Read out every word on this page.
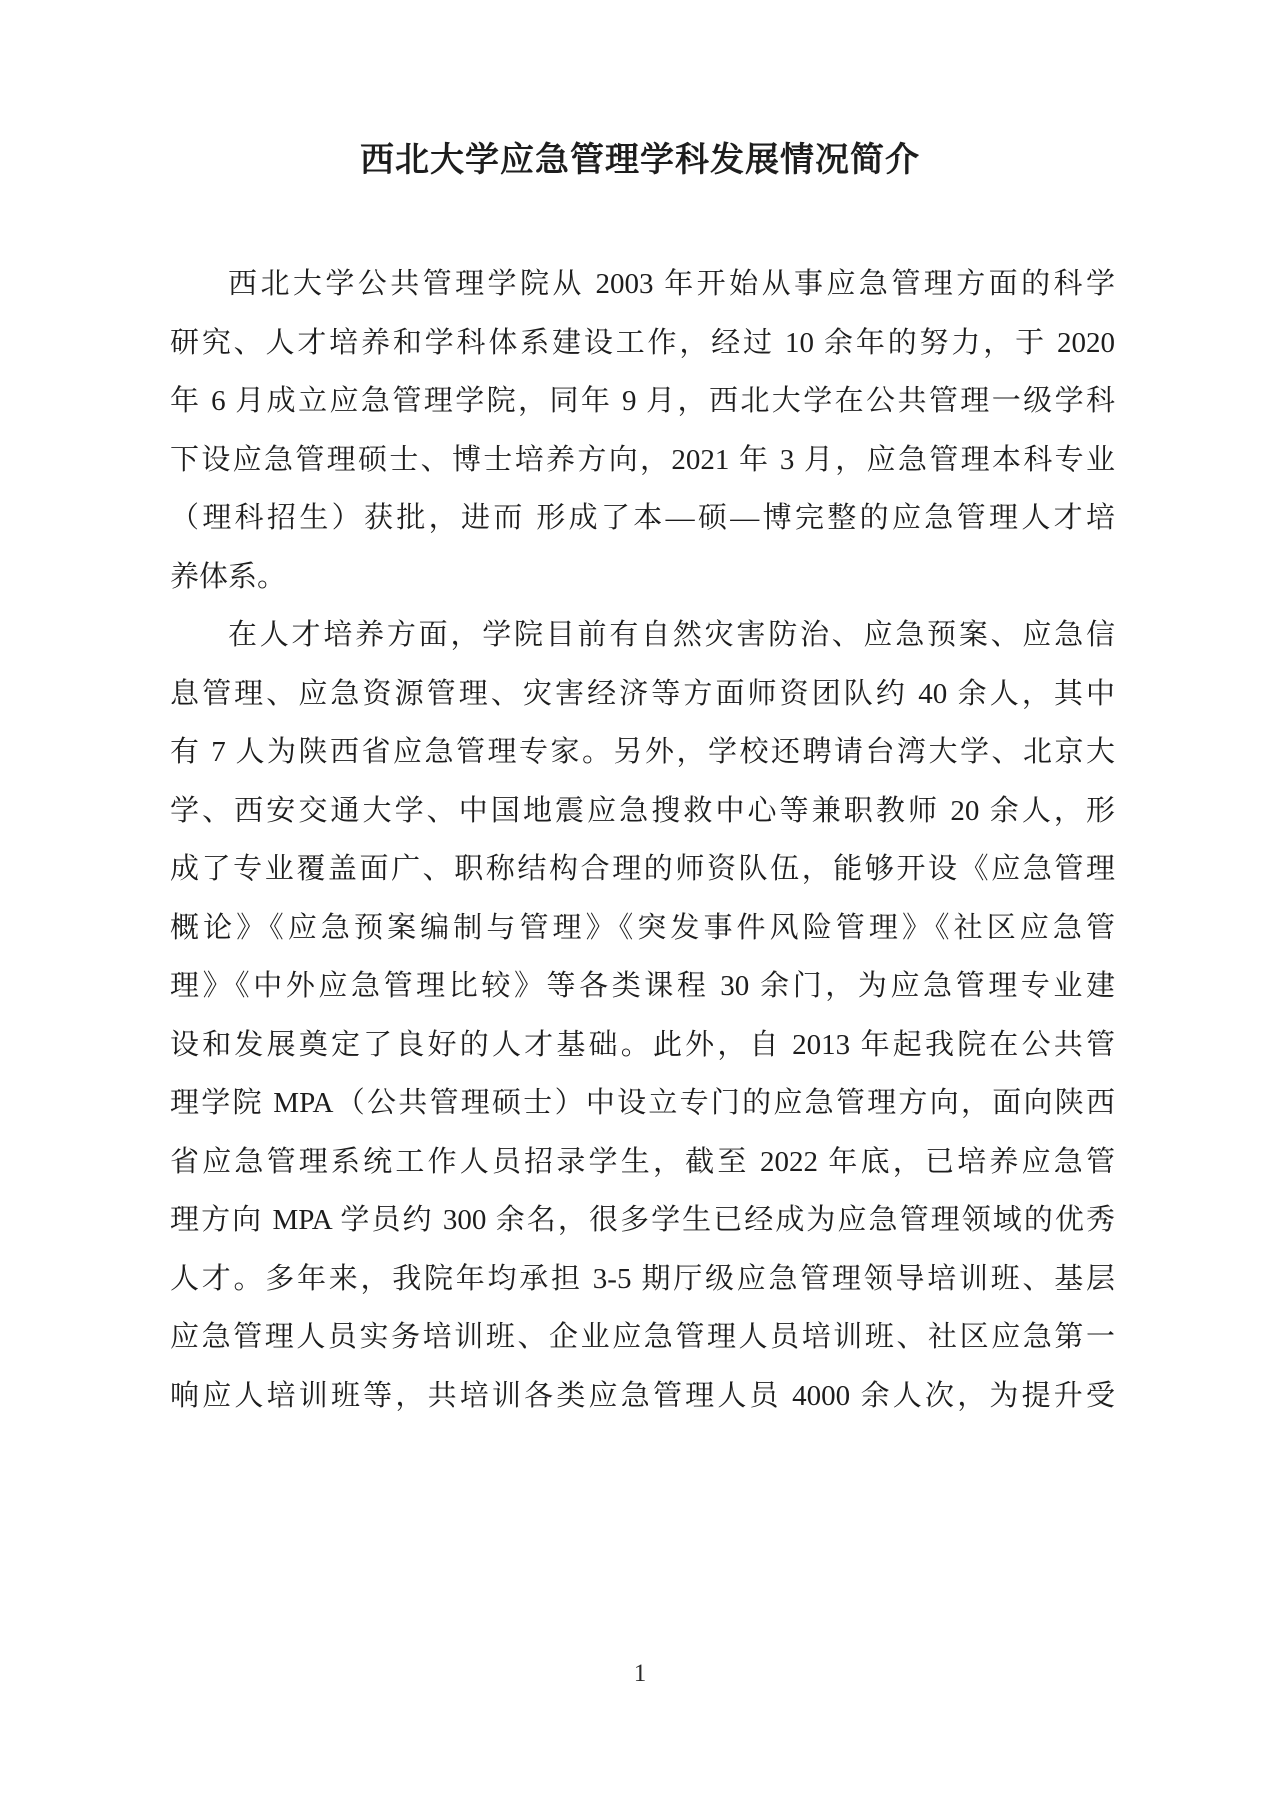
西北大学应急管理学科发展情况简介
西北大学公共管理学院从 2003 年开始从事应急管理方面的科学
研究、人才培养和学科体系建设工作，经过 10 余年的努力，于 2020
年 6 月成立应急管理学院，同年 9 月，西北大学在公共管理一级学科
下设应急管理硕士、博士培养方向，2021 年 3 月，应急管理本科专业
（理科招生）获批，进而 形成了本—硕—博完整的应急管理人才培
养体系。
在人才培养方面，学院目前有自然灾害防治、应急预案、应急信
息管理、应急资源管理、灾害经济等方面师资团队约 40 余人，其中
有 7 人为陕西省应急管理专家。另外，学校还聘请台湾大学、北京大
学、西安交通大学、中国地震应急搜救中心等兼职教师 20 余人，形
成了专业覆盖面广、职称结构合理的师资队伍，能够开设《应急管理
概论》《应急预案编制与管理》《突发事件风险管理》《社区应急管
理》《中外应急管理比较》等各类课程 30 余门，为应急管理专业建
设和发展奠定了良好的人才基础。此外，自 2013 年起我院在公共管
理学院 MPA（公共管理硕士）中设立专门的应急管理方向，面向陕西
省应急管理系统工作人员招录学生，截至 2022 年底，已培养应急管
理方向 MPA 学员约 300 余名，很多学生已经成为应急管理领域的优秀
人才。多年来，我院年均承担 3-5 期厅级应急管理领导培训班、基层
应急管理人员实务培训班、企业应急管理人员培训班、社区应急第一
响应人培训班等，共培训各类应急管理人员 4000 余人次，为提升受
1
